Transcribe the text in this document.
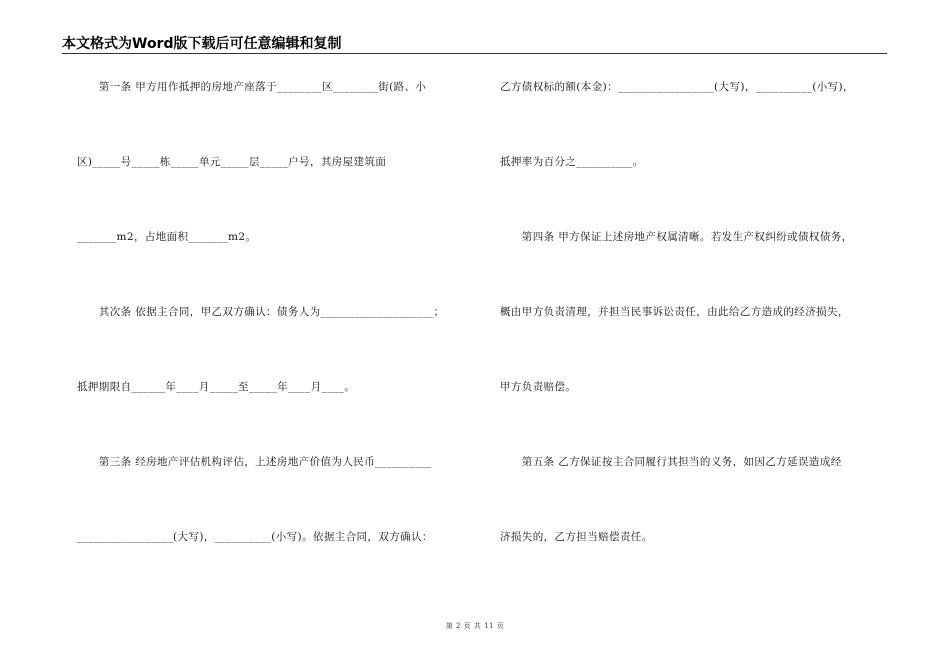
本文格式为Word版下载后可任意编辑和复制
　　第一条 甲方用作抵押的房地产座落于________区________街(路、小
区)_____号_____栋_____单元_____层_____户号，其房屋建筑面
_______m2，占地面积_______m2。
　　其次条 依据主合同，甲乙双方确认：债务人为____________________；
抵押期限自______年____月_____至_____年____月____。
　　第三条 经房地产评估机构评估，上述房地产价值为人民币__________
_________________(大写)，__________(小写)。依据主合同，双方确认：
乙方债权标的额(本金)：_________________(大写)，__________(小写)，
抵押率为百分之__________。
　　第四条 甲方保证上述房地产权属清晰。若发生产权纠纷或债权债务，
概由甲方负责清理，并担当民事诉讼责任，由此给乙方造成的经济损失，
甲方负责赔偿。
　　第五条 乙方保证按主合同履行其担当的义务，如因乙方延误造成经
济损失的，乙方担当赔偿责任。
第 2 页 共 11 页
